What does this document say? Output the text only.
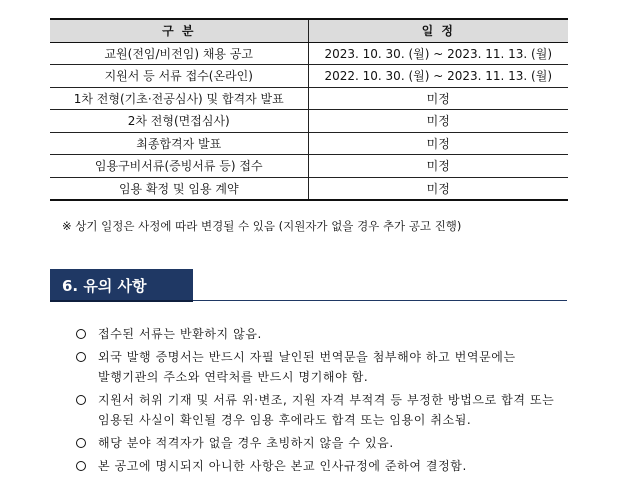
구 분	일 정
교원(전임/비전임) 채용 공고	2023. 10. 30. (월) ~ 2023. 11. 13. (월)
지원서 등 서류 접수(온라인)	2022. 10. 30. (월) ~ 2023. 11. 13. (월)
1차 전형(기초·전공심사) 및 합격자 발표	미정
2차 전형(면접심사)	미정
최종합격자 발표	미정
임용구비서류(증빙서류 등) 접수	미정
임용 확정 및 임용 계약	미정
※ 상기 일정은 사정에 따라 변경될 수 있음 (지원자가 없을 경우 추가 공고 진행)
6. 유의 사항
접수된 서류는 반환하지 않음.
외국 발행 증명서는 반드시 자필 날인된 번역문을 첨부해야 하고 번역문에는 발행기관의 주소와 연락처를 반드시 명기해야 함.
지원서 허위 기재 및 서류 위·변조, 지원 자격 부적격 등 부정한 방법으로 합격 또는 임용된 사실이 확인될 경우 임용 후에라도 합격 또는 임용이 취소됨.
해당 분야 적격자가 없을 경우 초빙하지 않을 수 있음.
본 공고에 명시되지 아니한 사항은 본교 인사규정에 준하여 결정함.
